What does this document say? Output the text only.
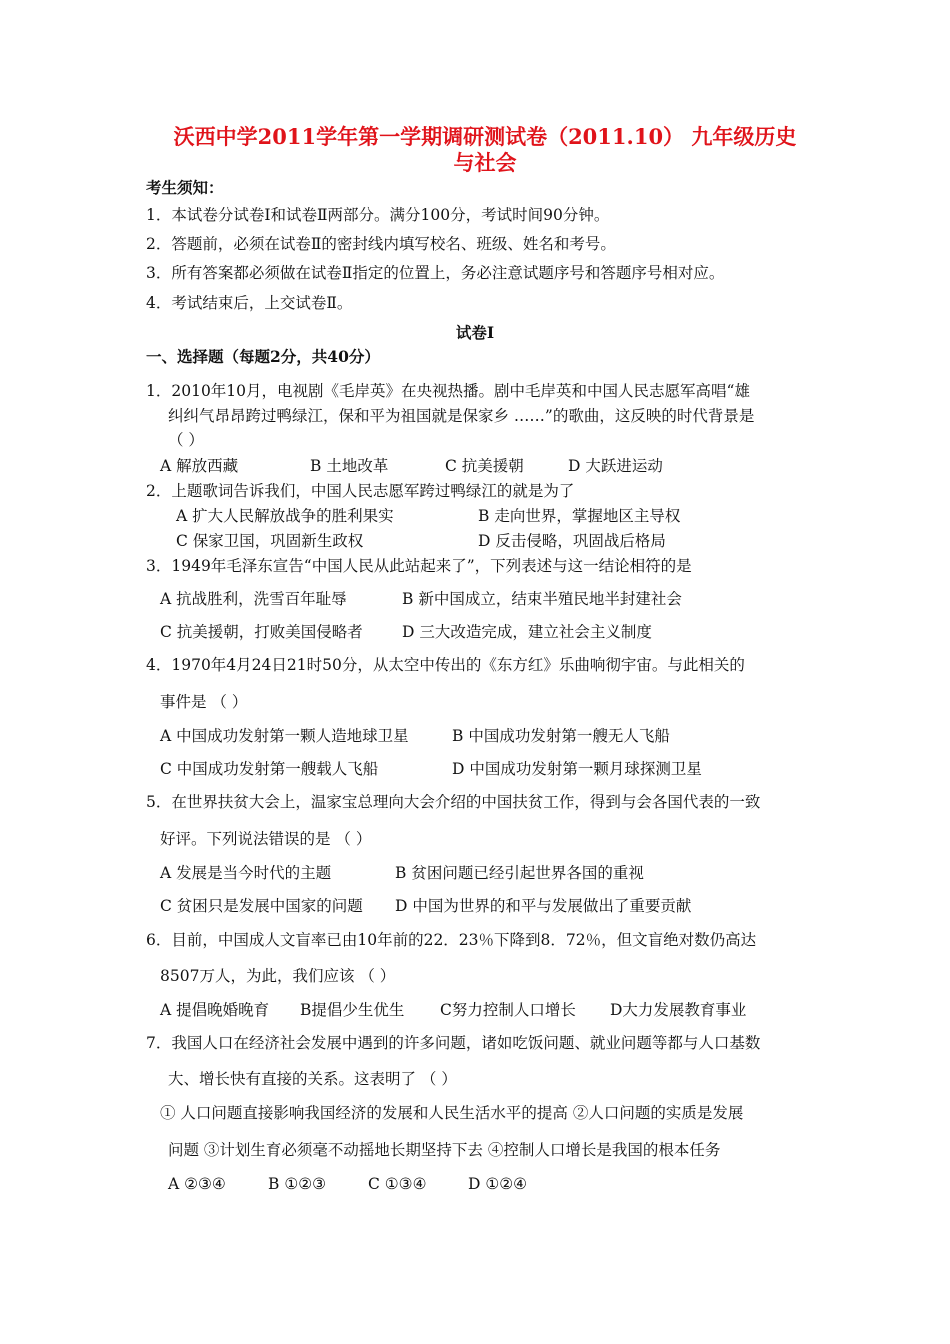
沃西中学2011学年第一学期调研测试卷（2011.10） 九年级历史

与社会

考生须知：

1．本试卷分试卷Ⅰ和试卷Ⅱ两部分。满分100分，考试时间90分钟。

2．答题前，必须在试卷Ⅱ的密封线内填写校名、班级、姓名和考号。

3．所有答案都必须做在试卷Ⅱ指定的位置上，务必注意试题序号和答题序号相对应。

4．考试结束后，上交试卷Ⅱ。

试卷Ⅰ

一、选择题（每题2分，共40分）

1．2010年10月，电视剧《毛岸英》在央视热播。剧中毛岸英和中国人民志愿军高唱“雄

纠纠气昂昂跨过鸭绿江，保和平为祖国就是保家乡 ……”的歌曲，这反映的时代背景是

（ ）

A 解放西藏	B 土地改革	C 抗美援朝	D 大跃进运动

2．上题歌词告诉我们，中国人民志愿军跨过鸭绿江的就是为了

A 扩大人民解放战争的胜利果实	B 走向世界，掌握地区主导权

C 保家卫国，巩固新生政权	D 反击侵略，巩固战后格局

3．1949年毛泽东宣告“中国人民从此站起来了”，下列表述与这一结论相符的是

A 抗战胜利，洗雪百年耻辱	B 新中国成立，结束半殖民地半封建社会

C 抗美援朝，打败美国侵略者	D 三大改造完成，建立社会主义制度

4．1970年4月24日21时50分，从太空中传出的《东方红》乐曲响彻宇宙。与此相关的

事件是 （ ）

A 中国成功发射第一颗人造地球卫星	B 中国成功发射第一艘无人飞船

C 中国成功发射第一艘载人飞船	D 中国成功发射第一颗月球探测卫星

5．在世界扶贫大会上，温家宝总理向大会介绍的中国扶贫工作，得到与会各国代表的一致

好评。下列说法错误的是 （ ）

A 发展是当今时代的主题	B 贫困问题已经引起世界各国的重视

C 贫困只是发展中国家的问题 D 中国为世界的和平与发展做出了重要贡献

6．目前，中国成人文盲率已由10年前的22．23％下降到8．72％，但文盲绝对数仍高达

8507万人，为此，我们应该 （ ）

A 提倡晚婚晚育 B提倡少生优生 C努力控制人口增长 D大力发展教育事业

7．我国人口在经济社会发展中遇到的许多问题，诸如吃饭问题、就业问题等都与人口基数

大、增长快有直接的关系。这表明了 （ ）

① 人口问题直接影响我国经济的发展和人民生活水平的提高 ②人口问题的实质是发展

问题 ③计划生育必须毫不动摇地长期坚持下去 ④控制人口增长是我国的根本任务

A ②③④	B ①②③	C ①③④	D ①②④
